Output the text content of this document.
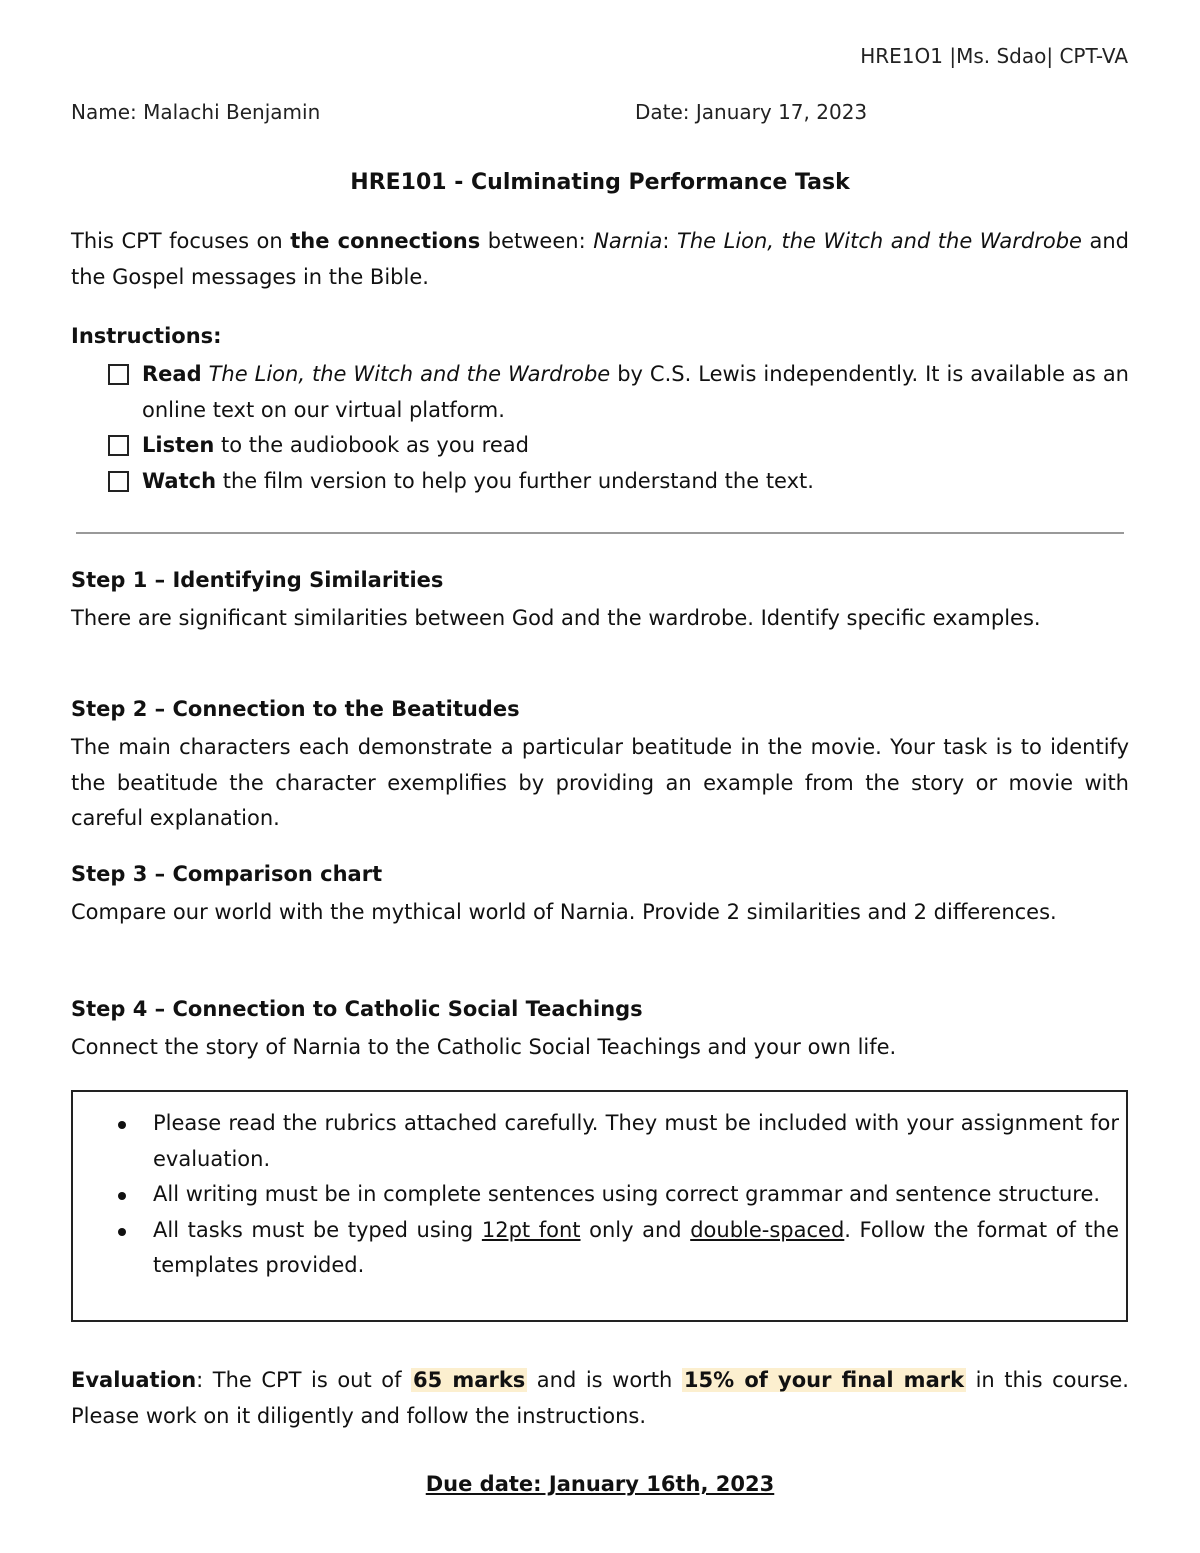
HRE1O1 |Ms. Sdao| CPT-VA
Name: Malachi Benjamin	Date: January 17, 2023
HRE101 - Culminating Performance Task
This CPT focuses on the connections between: Narnia: The Lion, the Witch and the Wardrobe and the Gospel messages in the Bible.
Instructions:
Read The Lion, the Witch and the Wardrobe by C.S. Lewis independently. It is available as an online text on our virtual platform.
Listen to the audiobook as you read
Watch the film version to help you further understand the text.
Step 1 – Identifying Similarities
There are significant similarities between God and the wardrobe. Identify specific examples.
Step 2 – Connection to the Beatitudes
The main characters each demonstrate a particular beatitude in the movie. Your task is to identify the beatitude the character exemplifies by providing an example from the story or movie with careful explanation.
Step 3 – Comparison chart
Compare our world with the mythical world of Narnia. Provide 2 similarities and 2 differences.
Step 4 – Connection to Catholic Social Teachings
Connect the story of Narnia to the Catholic Social Teachings and your own life.
Please read the rubrics attached carefully. They must be included with your assignment for evaluation.
All writing must be in complete sentences using correct grammar and sentence structure.
All tasks must be typed using 12pt font only and double-spaced. Follow the format of the templates provided.
Evaluation: The CPT is out of 65 marks and is worth 15% of your final mark in this course. Please work on it diligently and follow the instructions.
Due date: January 16th, 2023
